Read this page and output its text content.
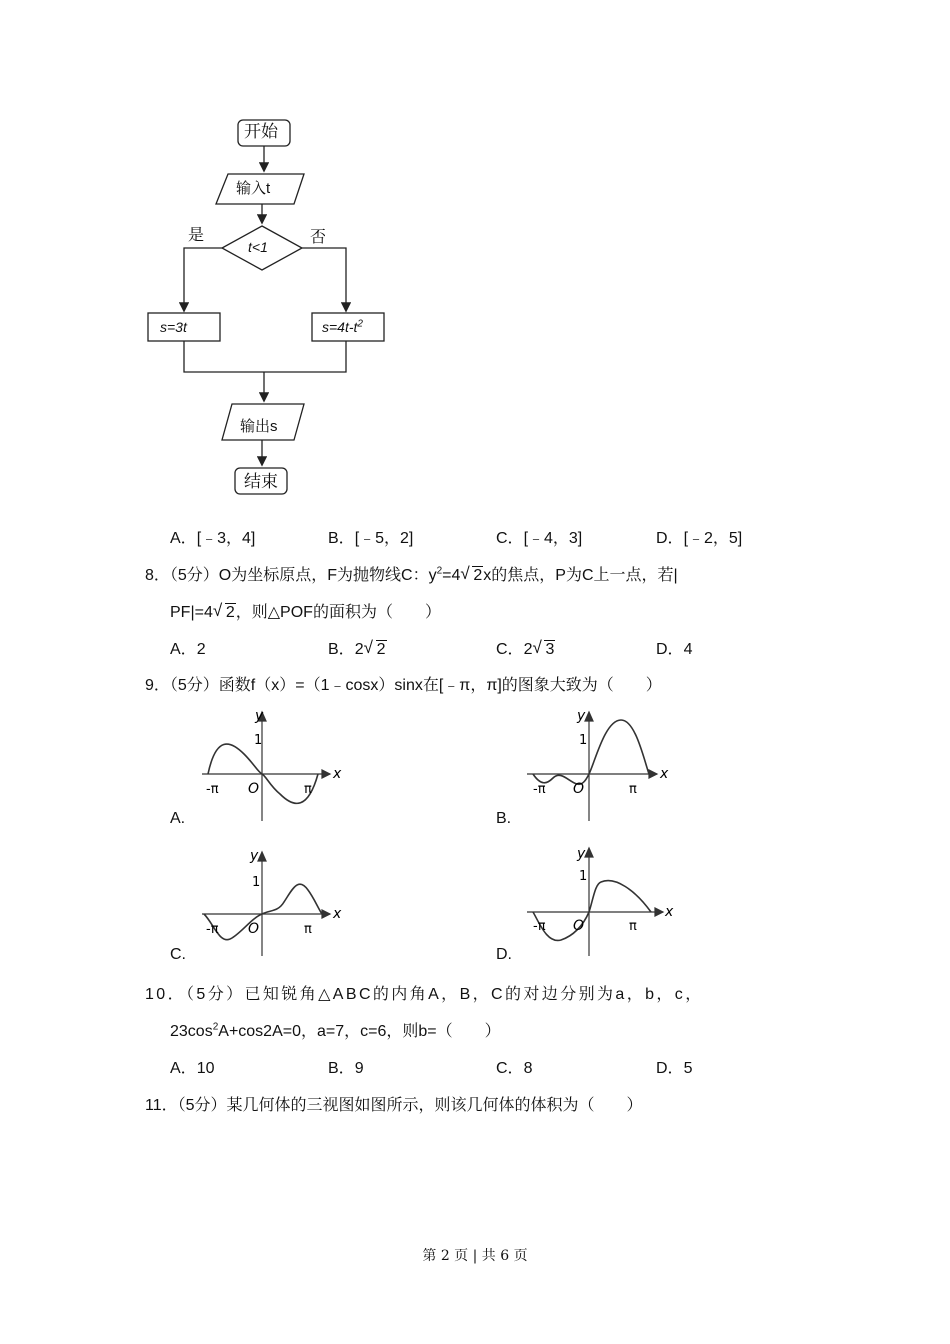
开始
输入t
t<1
是	否
s=3t	$s=4t-t^2$
输出s
结束
A．[﹣3，4]	B．[﹣5，2]	C．[﹣4，3]	D．[﹣2，5]
8．（5分）O为坐标原点，F为抛物线C：$y^2=4√$ 2x的焦点，P为C上一点，若|
PF|=4√ 2，则△POF的面积为（　　）
A．2	B．2√ 2	C．2√ 3	D．4
9．（5分）函数f（x）=（1﹣cosx）sinx在[﹣π，π]的图象大致为（　　）
y
1
x
-π O	π
A.
y
1
x
-π O	π
B.
y
1
x
-π O	π
C.
y
1
x
-π O	π
D.
10．（5分）已知锐角△ABC的内角A，B，C的对边分别为a，b，c，
$23\cos^2A+\cos 2A=0$，a=7，c=6，则b=（　　）
A．10	B．9	C．8	D．5
11．（5分）某几何体的三视图如图所示，则该几何体的体积为（　　）
第 2 页 | 共 6 页
